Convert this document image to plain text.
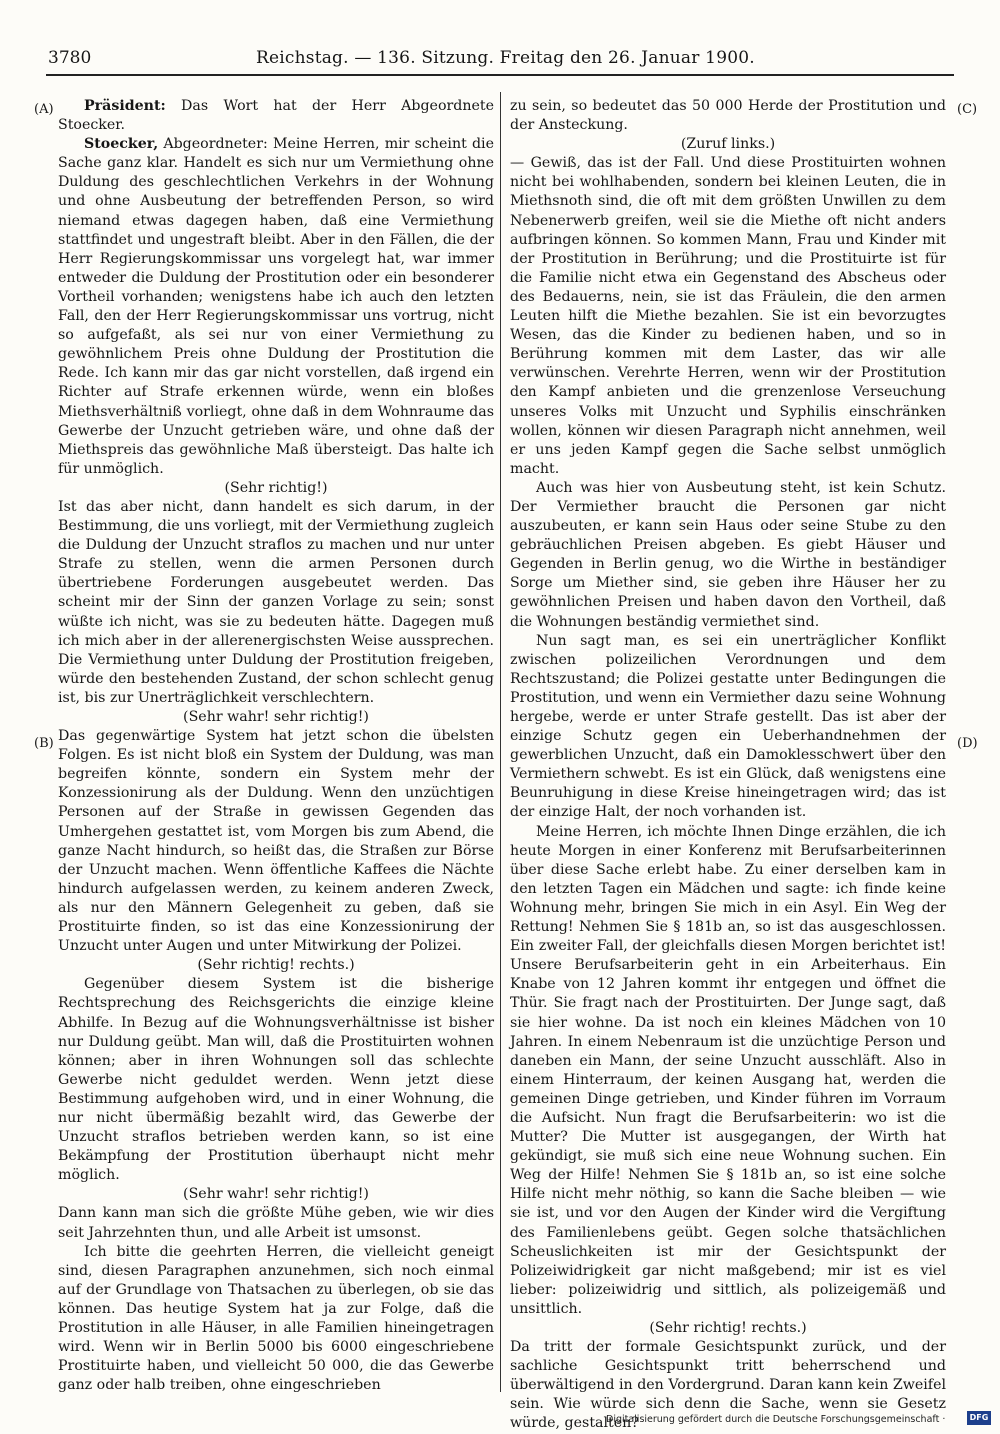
3780	Reichstag. — 136. Sitzung. Freitag den 26. Januar 1900.
(A)
(B)
(C)
(D)

Präsident: Das Wort hat der Herr Abgeordnete Stoecker.

Stoecker, Abgeordneter: Meine Herren, mir scheint die Sache ganz klar. Handelt es sich nur um Vermiethung ohne Duldung des geschlechtlichen Verkehrs in der Wohnung und ohne Ausbeutung der betreffenden Person, so wird niemand etwas dagegen haben, daß eine Vermiethung stattfindet und ungestraft bleibt. Aber in den Fällen, die der Herr Regierungskommissar uns vorgelegt hat, war immer entweder die Duldung der Prostitution oder ein besonderer Vortheil vorhanden; wenigstens habe ich auch den letzten Fall, den der Herr Regierungskommissar uns vortrug, nicht so aufgefaßt, als sei nur von einer Vermiethung zu gewöhnlichem Preis ohne Duldung der Prostitution die Rede. Ich kann mir das gar nicht vorstellen, daß irgend ein Richter auf Strafe erkennen würde, wenn ein bloßes Miethsverhältniß vorliegt, ohne daß in dem Wohnraume das Gewerbe der Unzucht getrieben wäre, und ohne daß der Miethspreis das gewöhnliche Maß übersteigt. Das halte ich für unmöglich.

(Sehr richtig!)

Ist das aber nicht, dann handelt es sich darum, in der Bestimmung, die uns vorliegt, mit der Vermiethung zugleich die Duldung der Unzucht straflos zu machen und nur unter Strafe zu stellen, wenn die armen Personen durch übertriebene Forderungen ausgebeutet werden. Das scheint mir der Sinn der ganzen Vorlage zu sein; sonst wüßte ich nicht, was sie zu bedeuten hätte. Dagegen muß ich mich aber in der allerenergischsten Weise aussprechen. Die Vermiethung unter Duldung der Prostitution freigeben, würde den bestehenden Zustand, der schon schlecht genug ist, bis zur Unerträglichkeit verschlechtern.

(Sehr wahr! sehr richtig!)

Das gegenwärtige System hat jetzt schon die übelsten Folgen. Es ist nicht bloß ein System der Duldung, was man begreifen könnte, sondern ein System mehr der Konzessionirung als der Duldung. Wenn den unzüchtigen Personen auf der Straße in gewissen Gegenden das Umhergehen gestattet ist, vom Morgen bis zum Abend, die ganze Nacht hindurch, so heißt das, die Straßen zur Börse der Unzucht machen. Wenn öffentliche Kaffees die Nächte hindurch aufgelassen werden, zu keinem anderen Zweck, als nur den Männern Gelegenheit zu geben, daß sie Prostituirte finden, so ist das eine Konzessionirung der Unzucht unter Augen und unter Mitwirkung der Polizei.

(Sehr richtig! rechts.)

Gegenüber diesem System ist die bisherige Rechtsprechung des Reichsgerichts die einzige kleine Abhilfe. In Bezug auf die Wohnungsverhältnisse ist bisher nur Duldung geübt. Man will, daß die Prostituirten wohnen können; aber in ihren Wohnungen soll das schlechte Gewerbe nicht geduldet werden. Wenn jetzt diese Bestimmung aufgehoben wird, und in einer Wohnung, die nur nicht übermäßig bezahlt wird, das Gewerbe der Unzucht straflos betrieben werden kann, so ist eine Bekämpfung der Prostitution überhaupt nicht mehr möglich.

(Sehr wahr! sehr richtig!)

Dann kann man sich die größte Mühe geben, wie wir dies seit Jahrzehnten thun, und alle Arbeit ist umsonst.

Ich bitte die geehrten Herren, die vielleicht geneigt sind, diesen Paragraphen anzunehmen, sich noch einmal auf der Grundlage von Thatsachen zu überlegen, ob sie das können. Das heutige System hat ja zur Folge, daß die Prostitution in alle Häuser, in alle Familien hineingetragen wird. Wenn wir in Berlin 5000 bis 6000 eingeschriebene Prostituirte haben, und vielleicht 50 000, die das Gewerbe ganz oder halb treiben, ohne eingeschrieben

zu sein, so bedeutet das 50 000 Herde der Prostitution und der Ansteckung.

(Zuruf links.)

— Gewiß, das ist der Fall. Und diese Prostituirten wohnen nicht bei wohlhabenden, sondern bei kleinen Leuten, die in Miethsnoth sind, die oft mit dem größten Unwillen zu dem Nebenerwerb greifen, weil sie die Miethe oft nicht anders aufbringen können. So kommen Mann, Frau und Kinder mit der Prostitution in Berührung; und die Prostituirte ist für die Familie nicht etwa ein Gegenstand des Abscheus oder des Bedauerns, nein, sie ist das Fräulein, die den armen Leuten hilft die Miethe bezahlen. Sie ist ein bevorzugtes Wesen, das die Kinder zu bedienen haben, und so in Berührung kommen mit dem Laster, das wir alle verwünschen. Verehrte Herren, wenn wir der Prostitution den Kampf anbieten und die grenzenlose Verseuchung unseres Volks mit Unzucht und Syphilis einschränken wollen, können wir diesen Paragraph nicht annehmen, weil er uns jeden Kampf gegen die Sache selbst unmöglich macht.

Auch was hier von Ausbeutung steht, ist kein Schutz. Der Vermiether braucht die Personen gar nicht auszubeuten, er kann sein Haus oder seine Stube zu den gebräuchlichen Preisen abgeben. Es giebt Häuser und Gegenden in Berlin genug, wo die Wirthe in beständiger Sorge um Miether sind, sie geben ihre Häuser her zu gewöhnlichen Preisen und haben davon den Vortheil, daß die Wohnungen beständig vermiethet sind.

Nun sagt man, es sei ein unerträglicher Konflikt zwischen polizeilichen Verordnungen und dem Rechtszustand; die Polizei gestatte unter Bedingungen die Prostitution, und wenn ein Vermiether dazu seine Wohnung hergebe, werde er unter Strafe gestellt. Das ist aber der einzige Schutz gegen ein Ueberhandnehmen der gewerblichen Unzucht, daß ein Damoklesschwert über den Vermiethern schwebt. Es ist ein Glück, daß wenigstens eine Beunruhigung in diese Kreise hineingetragen wird; das ist der einzige Halt, der noch vorhanden ist.

Meine Herren, ich möchte Ihnen Dinge erzählen, die ich heute Morgen in einer Konferenz mit Berufsarbeiterinnen über diese Sache erlebt habe. Zu einer derselben kam in den letzten Tagen ein Mädchen und sagte: ich finde keine Wohnung mehr, bringen Sie mich in ein Asyl. Ein Weg der Rettung! Nehmen Sie § 181b an, so ist das ausgeschlossen. Ein zweiter Fall, der gleichfalls diesen Morgen berichtet ist! Unsere Berufsarbeiterin geht in ein Arbeiterhaus. Ein Knabe von 12 Jahren kommt ihr entgegen und öffnet die Thür. Sie fragt nach der Prostituirten. Der Junge sagt, daß sie hier wohne. Da ist noch ein kleines Mädchen von 10 Jahren. In einem Nebenraum ist die unzüchtige Person und daneben ein Mann, der seine Unzucht ausschläft. Also in einem Hinterraum, der keinen Ausgang hat, werden die gemeinen Dinge getrieben, und Kinder führen im Vorraum die Aufsicht. Nun fragt die Berufsarbeiterin: wo ist die Mutter? Die Mutter ist ausgegangen, der Wirth hat gekündigt, sie muß sich eine neue Wohnung suchen. Ein Weg der Hilfe! Nehmen Sie § 181b an, so ist eine solche Hilfe nicht mehr nöthig, so kann die Sache bleiben — wie sie ist, und vor den Augen der Kinder wird die Vergiftung des Familienlebens geübt. Gegen solche thatsächlichen Scheuslichkeiten ist mir der Gesichtspunkt der Polizeiwidrigkeit gar nicht maßgebend; mir ist es viel lieber: polizeiwidrig und sittlich, als polizeigemäß und unsittlich.

(Sehr richtig! rechts.)

Da tritt der formale Gesichtspunkt zurück, und der sachliche Gesichtspunkt tritt beherrschend und überwältigend in den Vordergrund. Daran kann kein Zweifel sein. Wie würde sich denn die Sache, wenn sie Gesetz würde, gestalten?

Digitalisierung gefördert durch die Deutsche Forschungsgemeinschaft ·	DFG
